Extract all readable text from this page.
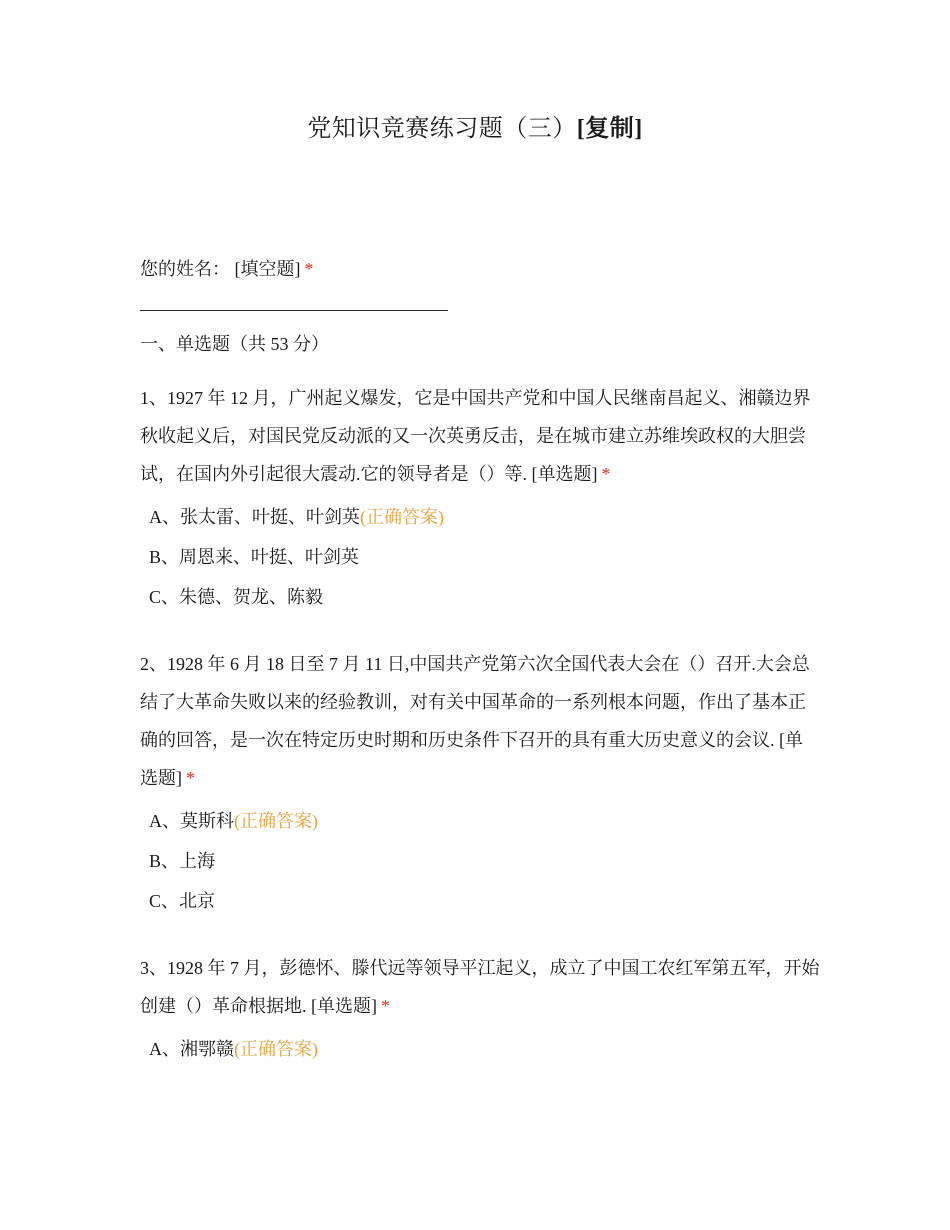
党知识竞赛练习题（三）[复制]
您的姓名： [填空题] *
一、单选题（共 53 分）
1、1927 年 12 月，广州起义爆发，它是中国共产党和中国人民继南昌起义、湘赣边界秋收起义后，对国民党反动派的又一次英勇反击，是在城市建立苏维埃政权的大胆尝试，在国内外引起很大震动.它的领导者是（）等. [单选题] *
A、张太雷、叶挺、叶剑英(正确答案)
B、周恩来、叶挺、叶剑英
C、朱德、贺龙、陈毅
2、1928 年 6 月 18 日至 7 月 11 日,中国共产党第六次全国代表大会在（）召开.大会总结了大革命失败以来的经验教训，对有关中国革命的一系列根本问题，作出了基本正确的回答，是一次在特定历史时期和历史条件下召开的具有重大历史意义的会议. [单选题] *
A、莫斯科(正确答案)
B、上海
C、北京
3、1928 年 7 月，彭德怀、滕代远等领导平江起义，成立了中国工农红军第五军，开始创建（）革命根据地. [单选题] *
A、湘鄂赣(正确答案)
